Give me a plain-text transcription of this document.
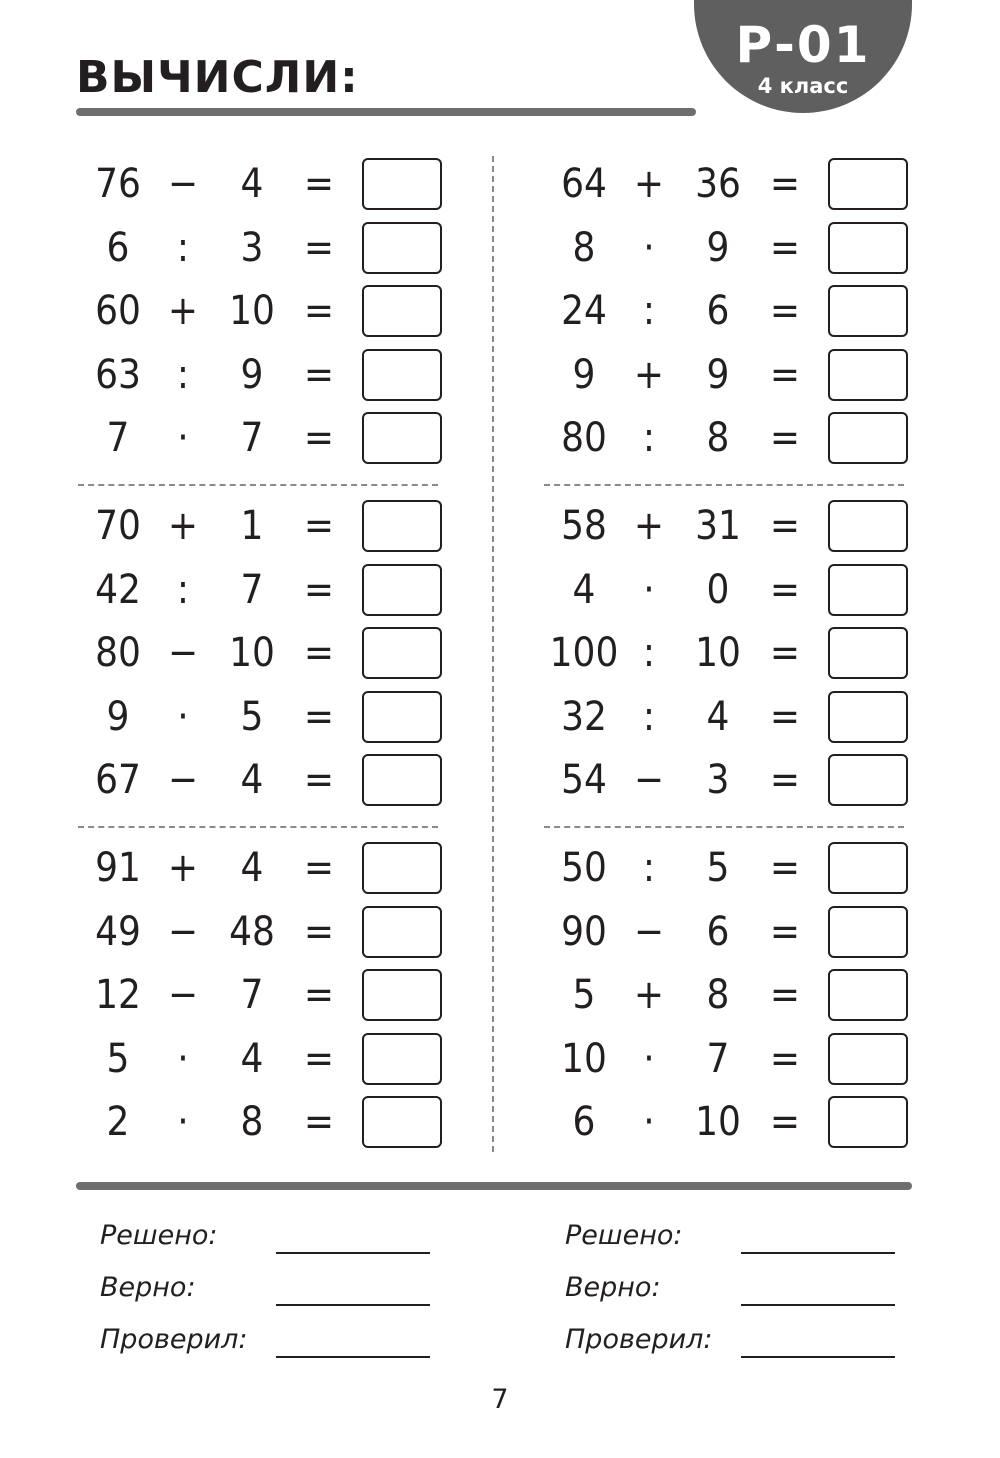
ВЫЧИСЛИ:
Р-01
4 класс
76 −	4	=
6	:	3	=
60 + 10 =
63 :	9	=
7	·	7	=
70 +	1	=
42 :	7	=
80 − 10 =
9	·	5	=
67 −	4	=
91 +	4	=
49 − 48 =
12 −	7	=
5	·	4	=
2	·	8	=
64 + 36 =
8	·	9	=
24 :	6	=
9 +	9	=
80 :	8	=
58 + 31 =
4	·	0	=
100 :	10 =
32 :	4	=
54 −	3	=
50 :	5	=
90 −	6	=
5 +	8	=
10 ·	7	=
6	·	10 =
Решено:
Верно:
Проверил:
Решено:
Верно:
Проверил:
7
